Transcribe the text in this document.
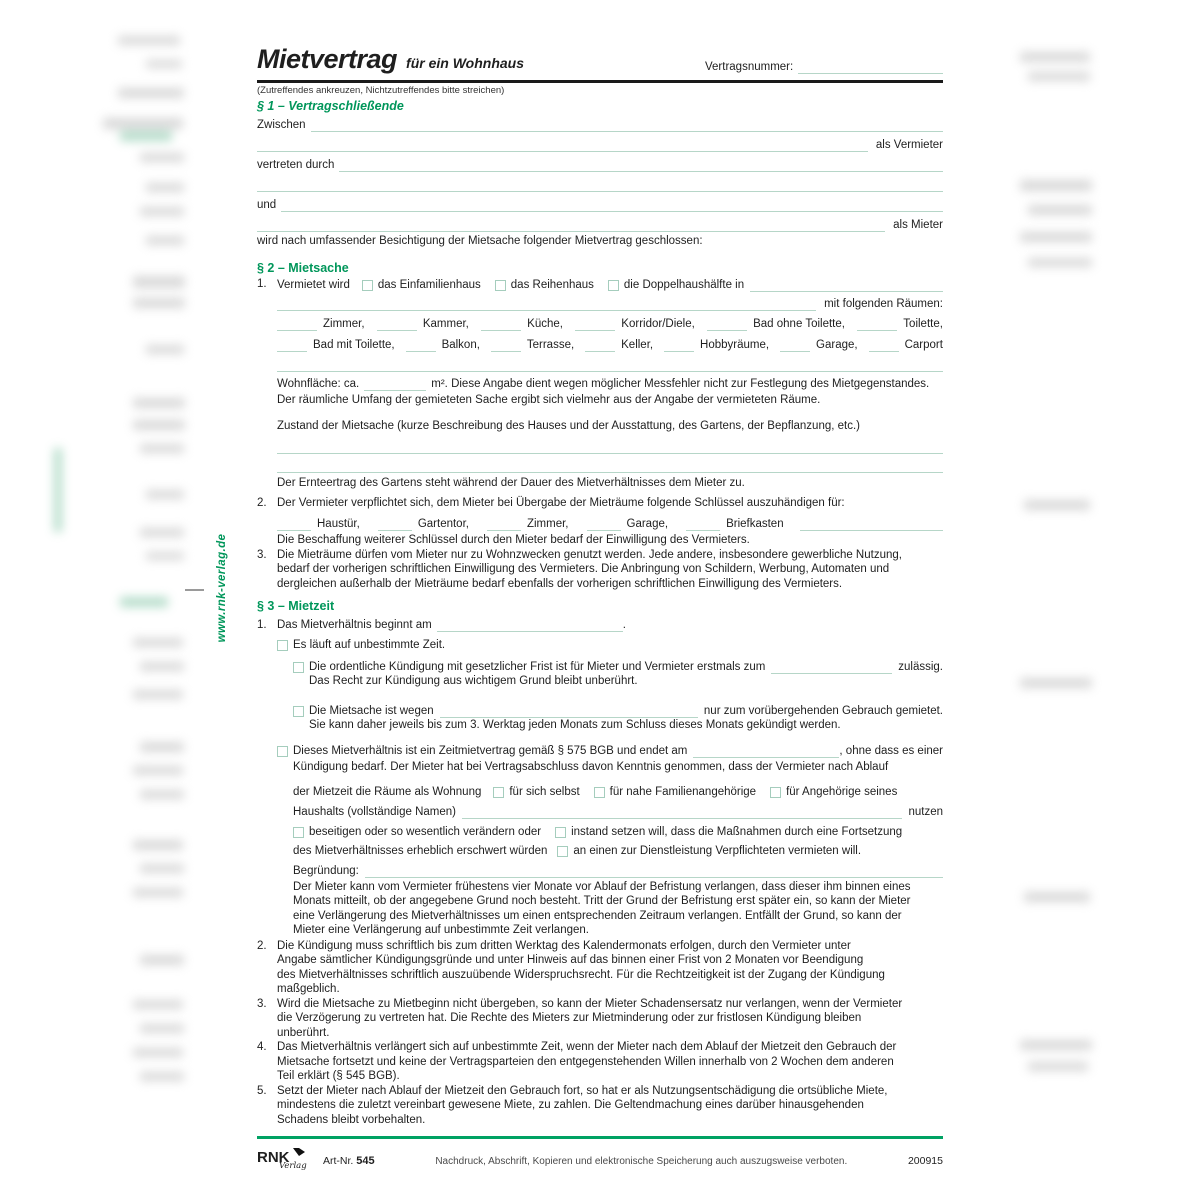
www.rnk-verlag.de
Mietvertrag für ein Wohnhaus	Vertragsnummer:
(Zutreffendes ankreuzen, Nichtzutreffendes bitte streichen)
§ 1 – Vertragschließende
Zwischen
als Vermieter
vertreten durch
und
als Mieter
wird nach umfassender Besichtigung der Mietsache folgender Mietvertrag geschlossen:
§ 2 – Mietsache
1. Vermietet wird das Einfamilienhaus	das Reihenhaus	die Doppelhaushälfte in
mit folgenden Räumen:
Zimmer,	Kammer,	Küche,	Korridor/Diele,	Bad ohne Toilette,	Toilette,
Bad mit Toilette,	Balkon,	Terrasse,	Keller,	Hobbyräume,	Garage,	Carport
Wohnfläche: ca.	m². Diese Angabe dient wegen möglicher Messfehler nicht zur Festlegung des Mietgegenstandes.
Der räumliche Umfang der gemieteten Sache ergibt sich vielmehr aus der Angabe der vermieteten Räume.
Zustand der Mietsache (kurze Beschreibung des Hauses und der Ausstattung, des Gartens, der Bepflanzung, etc.)
Der Ernteertrag des Gartens steht während der Dauer des Mietverhältnisses dem Mieter zu.
2. Der Vermieter verpflichtet sich, dem Mieter bei Übergabe der Mieträume folgende Schlüssel auszuhändigen für:
Haustür,	Gartentor,	Zimmer,	Garage,	Briefkasten
Die Beschaffung weiterer Schlüssel durch den Mieter bedarf der Einwilligung des Vermieters.
3. Die Mieträume dürfen vom Mieter nur zu Wohnzwecken genutzt werden. Jede andere, insbesondere gewerbliche Nutzung,
bedarf der vorherigen schriftlichen Einwilligung des Vermieters. Die Anbringung von Schildern, Werbung, Automaten und
dergleichen außerhalb der Mieträume bedarf ebenfalls der vorherigen schriftlichen Einwilligung des Vermieters.
§ 3 – Mietzeit
1. Das Mietverhältnis beginnt am	.
Es läuft auf unbestimmte Zeit.
Die ordentliche Kündigung mit gesetzlicher Frist ist für Mieter und Vermieter erstmals zum	zulässig.
Das Recht zur Kündigung aus wichtigem Grund bleibt unberührt.
Die Mietsache ist wegen	nur zum vorübergehenden Gebrauch gemietet.
Sie kann daher jeweils bis zum 3. Werktag jeden Monats zum Schluss dieses Monats gekündigt werden.
Dieses Mietverhältnis ist ein Zeitmietvertrag gemäß § 575 BGB und endet am	, ohne dass es einer
Kündigung bedarf. Der Mieter hat bei Vertragsabschluss davon Kenntnis genommen, dass der Vermieter nach Ablauf
der Mietzeit die Räume als Wohnung für sich selbst	für nahe Familienangehörige	für Angehörige seines
Haushalts (vollständige Namen)	nutzen
beseitigen oder so wesentlich verändern oder	instand setzen will, dass die Maßnahmen durch eine Fortsetzung
des Mietverhältnisses erheblich erschwert würden an einen zur Dienstleistung Verpflichteten vermieten will.
Begründung:
Der Mieter kann vom Vermieter frühestens vier Monate vor Ablauf der Befristung verlangen, dass dieser ihm binnen eines
Monats mitteilt, ob der angegebene Grund noch besteht. Tritt der Grund der Befristung erst später ein, so kann der Mieter
eine Verlängerung des Mietverhältnisses um einen entsprechenden Zeitraum verlangen. Entfällt der Grund, so kann der
Mieter eine Verlängerung auf unbestimmte Zeit verlangen.
2. Die Kündigung muss schriftlich bis zum dritten Werktag des Kalendermonats erfolgen, durch den Vermieter unter
Angabe sämtlicher Kündigungsgründe und unter Hinweis auf das binnen einer Frist von 2 Monaten vor Beendigung
des Mietverhältnisses schriftlich auszuübende Widerspruchsrecht. Für die Rechtzeitigkeit ist der Zugang der Kündigung
maßgeblich.
3. Wird die Mietsache zu Mietbeginn nicht übergeben, so kann der Mieter Schadensersatz nur verlangen, wenn der Vermieter
die Verzögerung zu vertreten hat. Die Rechte des Mieters zur Mietminderung oder zur fristlosen Kündigung bleiben
unberührt.
4. Das Mietverhältnis verlängert sich auf unbestimmte Zeit, wenn der Mieter nach dem Ablauf der Mietzeit den Gebrauch der
Mietsache fortsetzt und keine der Vertragsparteien den entgegenstehenden Willen innerhalb von 2 Wochen dem anderen
Teil erklärt (§ 545 BGB).
5. Setzt der Mieter nach Ablauf der Mietzeit den Gebrauch fort, so hat er als Nutzungsentschädigung die ortsübliche Miete,
mindestens die zuletzt vereinbart gewesene Miete, zu zahlen. Die Geltendmachung eines darüber hinausgehenden
Schadens bleibt vorbehalten.
RNK
Verlag Art-Nr. 545	Nachdruck, Abschrift, Kopieren und elektronische Speicherung auch auszugsweise verboten.	200915
